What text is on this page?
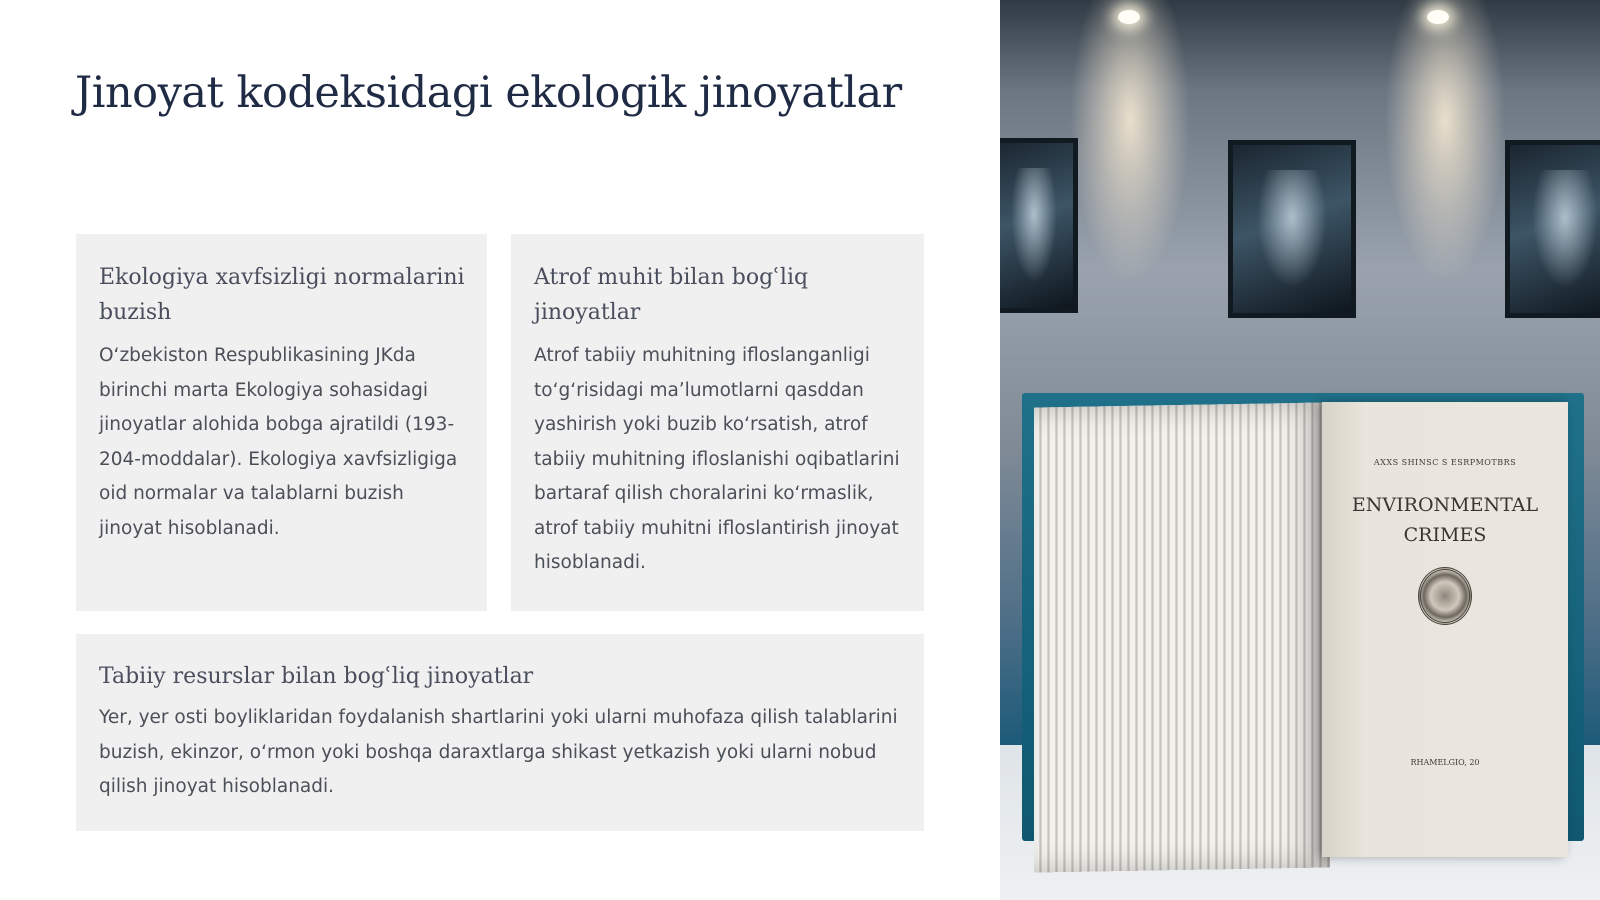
Jinoyat kodeksidagi ekologik jinoyatlar
Ekologiya xavfsizligi normalarini buzish

Oʻzbekiston Respublikasining JKda birinchi marta Ekologiya sohasidagi jinoyatlar alohida bobga ajratildi (193-204-moddalar). Ekologiya xavfsizligiga oid normalar va talablarni buzish jinoyat hisoblanadi.

Atrof muhit bilan bogʿliq jinoyatlar

Atrof tabiiy muhitning ifloslanganligi toʻgʻrisidagi maʼlumotlarni qasddan yashirish yoki buzib koʻrsatish, atrof tabiiy muhitning ifloslanishi oqibatlarini bartaraf qilish choralarini koʻrmaslik, atrof tabiiy muhitni ifloslantirish jinoyat hisoblanadi.

Tabiiy resurslar bilan bogʿliq jinoyatlar

Yer, yer osti boyliklaridan foydalanish shartlarini yoki ularni muhofaza qilish talablarini buzish, ekinzor, oʻrmon yoki boshqa daraxtlarga shikast yetkazish yoki ularni nobud qilish jinoyat hisoblanadi.

AXXS SHINSC S ESRPMOTBRS
ENVIRONMENTAL CRIMES
RHAMELGIO, 20
